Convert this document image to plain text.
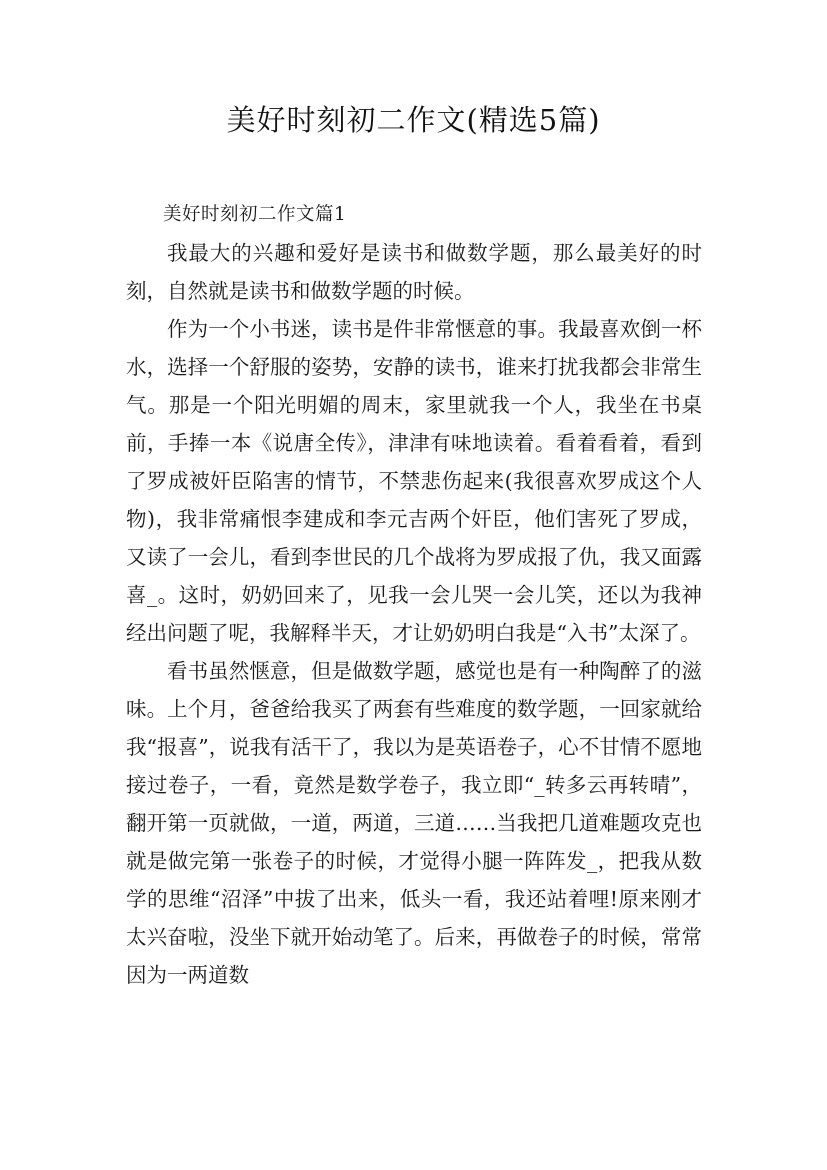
美好时刻初二作文(精选5篇)

美好时刻初二作文篇1

我最大的兴趣和爱好是读书和做数学题，那么最美好的时刻，自然就是读书和做数学题的时候。

作为一个小书迷，读书是件非常惬意的事。我最喜欢倒一杯水，选择一个舒服的姿势，安静的读书，谁来打扰我都会非常生气。那是一个阳光明媚的周末，家里就我一个人，我坐在书桌前，手捧一本《说唐全传》，津津有味地读着。看着看着，看到了罗成被奸臣陷害的情节，不禁悲伤起来(我很喜欢罗成这个人物)，我非常痛恨李建成和李元吉两个奸臣，他们害死了罗成，又读了一会儿，看到李世民的几个战将为罗成报了仇，我又面露喜_。这时，奶奶回来了，见我一会儿哭一会儿笑，还以为我神经出问题了呢，我解释半天，才让奶奶明白我是“入书”太深了。

看书虽然惬意，但是做数学题，感觉也是有一种陶醉了的滋味。上个月，爸爸给我买了两套有些难度的数学题，一回家就给我“报喜”，说我有活干了，我以为是英语卷子，心不甘情不愿地接过卷子，一看，竟然是数学卷子，我立即“_转多云再转晴”，翻开第一页就做，一道，两道，三道……当我把几道难题攻克也就是做完第一张卷子的时候，才觉得小腿一阵阵发_，把我从数学的思维“沼泽”中拔了出来，低头一看，我还站着哩!原来刚才太兴奋啦，没坐下就开始动笔了。后来，再做卷子的时候，常常因为一两道数
